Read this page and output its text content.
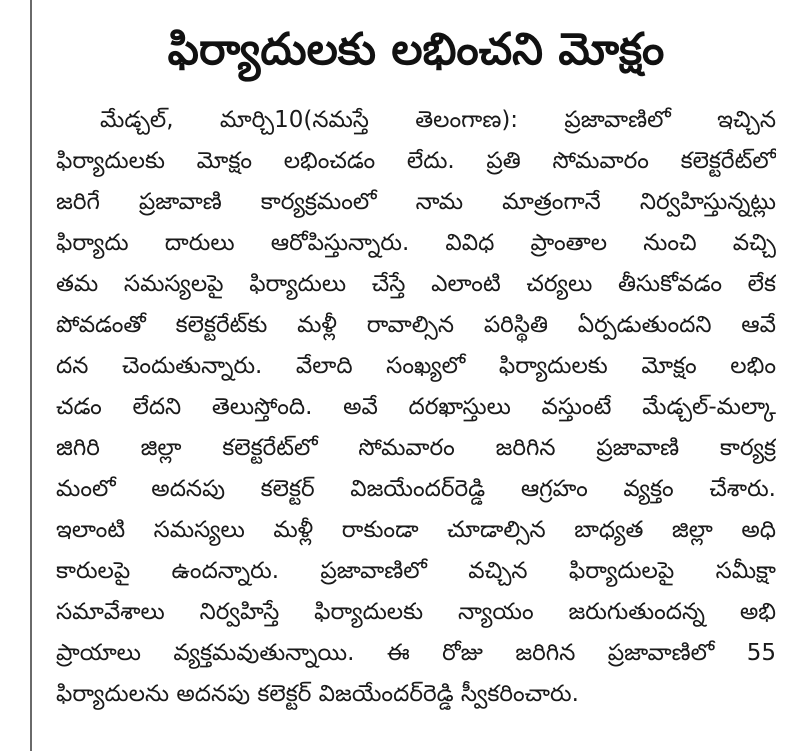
ఫిర్యాదులకు లభించని మోక్షం
మేడ్చల్, మార్చి10(నమస్తే తెలంగాణ): ప్రజావాణిలో ఇచ్చిన
ఫిర్యాదులకు మోక్షం లభించడం లేదు. ప్రతి సోమవారం కలెక్టరేట్‌లో
జరిగే ప్రజావాణి కార్యక్రమంలో నామ మాత్రంగానే నిర్వహిస్తున్నట్లు
ఫిర్యాదు దారులు ఆరోపిస్తున్నారు. వివిధ ప్రాంతాల నుంచి వచ్చి
తమ సమస్యలపై ఫిర్యాదులు చేస్తే ఎలాంటి చర్యలు తీసుకోవడం లేక
పోవడంతో కలెక్టరేట్‌కు మళ్లీ రావాల్సిన పరిస్థితి ఏర్పడుతుందని ఆవే
దన చెందుతున్నారు. వేలాది సంఖ్యలో ఫిర్యాదులకు మోక్షం లభిం
చడం లేదని తెలుస్తోంది. అవే దరఖాస్తులు వస్తుంటే మేడ్చల్-మల్కా
జిగిరి జిల్లా కలెక్టరేట్‌లో సోమవారం జరిగిన ప్రజావాణి కార్యక్ర
మంలో అదనపు కలెక్టర్ విజయేందర్‌రెడ్డి ఆగ్రహం వ్యక్తం చేశారు.
ఇలాంటి సమస్యలు మళ్లీ రాకుండా చూడాల్సిన బాధ్యత జిల్లా అధి
కారులపై ఉందన్నారు. ప్రజావాణిలో వచ్చిన ఫిర్యాదులపై సమీక్షా
సమావేశాలు నిర్వహిస్తే ఫిర్యాదులకు న్యాయం జరుగుతుందన్న అభి
ప్రాయాలు వ్యక్తమవుతున్నాయి. ఈ రోజు జరిగిన ప్రజావాణిలో 55
ఫిర్యాదులను అదనపు కలెక్టర్ విజయేందర్‌రెడ్డి స్వీకరించారు.
